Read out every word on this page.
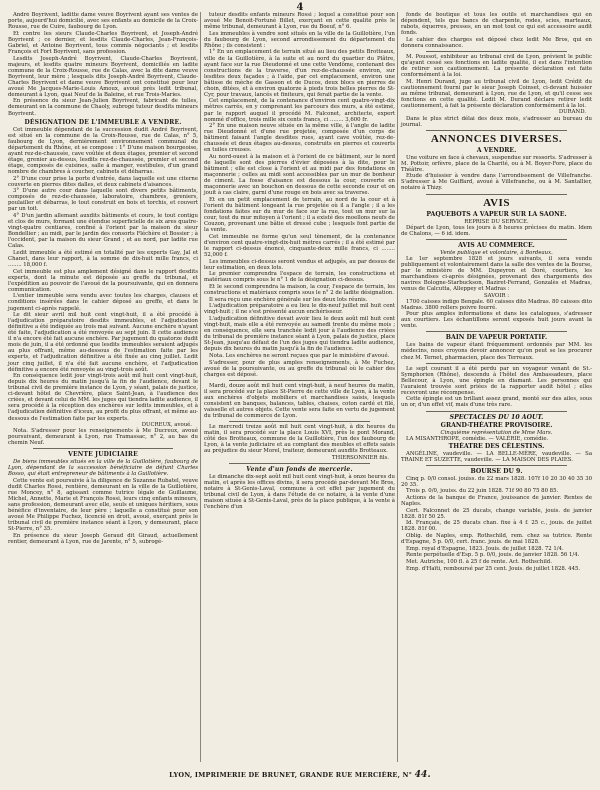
4

André Boyrivent, laditte dame veuve Boyrivent ayant ses ventes de porte, aujourd'hui domicilié, avec ses enfants au domicile de la Croix-Rousse, rue de Cuire, faubourg de Lyon.

Et contre les sieurs Claude-Charles Boyrivent, et Joseph-André Boyrivent ; ce dernier, et lesdits Claude-Charles, Jean-François-Gabriel, et Antoine Boyrivent, tous commis négociants ; et lesdits François et Fort Boyrivent, sans profession.

Lesdits Joseph-André Boyrivent, Claude-Charles Boyrivent, majeurs, et lesdits quatre mineurs Boyrivent, domiciliés en ladite commune de la Croix-Rousse, rue de Calas, avec la dite dame veuve Boyrivent, leur mère ; lesquels dits Joseph-André Boyrivent, Claude-Charles Boyrivent et dame veuve Boyrivent ont constitué pour leur avoué Me Jacques-Marie-Louis Amoux, avoué près ledit tribunal, demeurant à Lyon, quai Neuf de la Baleine, et rue Trois-Maries.

En présence du sieur Jean-Julien Boyrivent, fabricant de tulles, demeurant en la commune de Chaoly, subrogé tuteur desdits mineurs Boyrivent.

DÉSIGNATION DE L'IMMEUBLE A VENDRE.

Cet immeuble dépendant de la succession dudit André Boyrivent, est situé en la commune de la Croix-Rousse, rue de Calas, n° 5, faubourg de Lyon, dernièrement environnement communal du département du Rhône, et se compose : 1° D'une maison bourgeoise, ayant rez-de-chaussée, cave voûtée et deux étages, premier et second étage, grenier au-dessus, lesdits rez-de-chaussée, premier et second étage, composés de cuisines, salle à manger, vestibules, d'un grand nombre de chambres à coucher, cabinets et débarras.

2° D'une cour prise la porte d'entrée, dans laquelle est une citerne couverte en pierres dites dalles, et deux cabinets d'aisances.

3° D'une autre cour dans laquelle sont divers petits bâtiments, composés de rez-de-chaussée, laboratoire, chambres, greniers, poulailler et débarras, le tout construit en bois et torchis, et couvert par un toit.

4° D'un jardin allemant auxdits bâtiments et cours, le tout contigu et clos de murs, formant une étendue superficielle de six ares quatre-vingt-quatre centiares, confiné à l'orient par la maison du sieur Bondellier ; au midi, par le jardin des consorts Fléchère et Bossier ; à l'occident, par la maison du sieur Grand ; et au nord, par ladite rue Calas.

Ledit immeuble a été estimé en totalité par les experts Gay, Jal et Chanet, dans leur rapport, à la somme de dix-huit mille francs, ci ........ 18,000 f.

Cet immeuble est plus amplement désigné dans le rapport desdits experts, dont la minute est déposée au greffe du tribunal, et l'expédition au pouvoir de l'avoué de la poursuivante, qui en donnera communication.

L'entier immeuble sera vendu avec toutes les charges, clauses et conditions insérées dans le cahier déposé au greffe, et dans le jugement ci-après rappelé.

Le dit sieur avril mil huit cent vingt-huit, il a été procédé à l'adjudication préparatoire desdits immeubles, et l'adjudication définitive a été indiquée au trois mai suivant. Aucune enchère n'ayant été faite, l'adjudication a été renvoyée au sept juin. Il cette audience il n'a encore été fait aucune enchère. Par jugement du quatorze dudit mois de juin, il a été ordonné que lesdits immeubles seraient adjugés au plus offrant, même au-dessous de l'estimation faite par les experts, et l'adjudication définitive a été fixée au cinq juillet. Ledit jour cinq juillet, il n'a été fait aucune enchère, et l'adjudication définitive a encore été renvoyée au vingt-trois août.

En conséquence ledit jour vingt-trois août mil huit cent vingt-huit, depuis dix heures du matin jusqu'à la fin de l'audience, devant le tribunal civil de première instance de Lyon, y séant, palais de justice, ci-devant hôtel de Chevrière, place Saint-Jean, à l'audience des criées, et devant celui de MM. les juges qui tiendra ladite audience, il sera procédé à la réception des enchères sur ledits immeubles, et à l'adjudication définitive d'iceux, au profit du plus offrant, et même au-dessous de l'estimation faite par les experts.

DUCREUX, avoué.

Nota. S'adresser pour les renseignements à Me Ducreux, avoué poursuivant, demeurant à Lyon, rue Tramassac, n° 2, au bas du chemin Neuf.

VENTE JUDICIAIRE

De biens immeubles situés en la ville de la Guillotière, faubourg de Lyon, dépendant de la succession bénéficiaire de défunt Charles Bosso, qui était entrepreneur de bâtiments à la Guillotière.

Cette vente est poursuivie à la diligence de Suzanne Rubatel, veuve dudit Charles Rossi, rentière, demeurant en la ville de la Guillotière, rue Moncey, n° 8, agissant comme tutrice légale de Guillaume, Michel, Annette, Marie et François Rossi, leurs cinq enfants mineurs, sans profession, demeurant avec elle, seuls et uniques héritiers, sous bénéfice d'inventaire, de leur père ; laquelle a constitué pour son avoué Me Philippe Fuchez, licencié en droit, avoué, exerçant près le tribunal civil de première instance séant à Lyon, y demeurant, place St-Pierre, n° 35.

En présence du sieur Joseph Geraud dit Giraud, actuellement rentier, demeurant à Lyon, rue de Jarente, n° 5, subrogé-

tuteur desdits enfants mineurs Rossi ; lequel a constitué pour son avoué Me Benoit-Fortuné Billet, exerçant en cette qualité près le même tribunal, demeurant à Lyon, rue du Boeuf, n° 6.

Les immeubles à vendre sont situés en la ville de la Guillotière, l'un du faubourg de Lyon, second arrondissement du département du Rhône ; ils consistent :

1° En un emplacement de terrain situé au lieu des petits Brotteaux, ville de la Guillotière, à la suite et au nord du quartier du Plâtre, ayant face sur la rue Dieudonné et une cette Vendôme, contenant des constructions de la traverse, d'un rez-de-chaussée environ, sur lesdites deux façades ; à l'aide, par cet emplacement, environ une bâtisse de mèche de Gasson et de Ducos, deux blocs en pierres de choin, ditées, et à environ quatorze à pieds trois belles pierres de St-Cyr, pour travaux, lancés et finiteurs, qui ferait partie de la vente.

Cet emplacement, de la contenance d'environ cent quatre-vingt-dix mètres carrés, en y comprenant les parcours des murs, a été estimé, par le rapport auquel il procédé M. Falconet, architecte, expert nommé d'office, trois mille six cents francs, ci ........ 3,600 fr.

2° En une maison neuve située en la même ville, à l'angle de ladite rue Dieudonné et d'une rue projetée, composée d'un corps de bâtiment faisant l'angle desdites rues, ayant cave voûtée, rez-de-chaussée et deux étages au-dessus, construits en pierres et couverts en tuiles creuses.

Au nord-ouest à la maison et à l'orient de ce bâtiment, sur le nord de laquelle sont des pierres d'évier déposées à la dite, pour le bâtiment ; elle est close à l'orient et au midi par des fondations en maçonnerie ; celles au midi sont accessibles par un mur de bonheur de ciment. La fosse d'aisance est dessous la cour, couverte en maçonnerie avec un bouchon en dessous de cette seconde cour et on jouit à cas claire, garni d'une rouge en bois avec sa traverse.

Et en un petit emplacement de terrain, au nord de la cour et à l'orient du bâtiment longeant la rue projetée où il a l'angle ; il a les fondations faites sur du mur de face sur la rue, tout un mur sur la cour, tout du mur mitoyen à l'orient ; il a existé des moellons neufs de Couzon, provenant une bâtie et dressé cube ; lesquels font partie de la vente.

Cet immeuble ne forme qu'un seul tènement, de la contenance d'environ cent quatre-vingt-dix-huit mètres carrés ; il a été estimé par le rapport ci-dessus énoncé, cinquante-deux mille francs, ci ........ 52,000 f.

Les immeubles ci-dessus seront vendus et adjugés, au par dessus de leur estimation, en deux lots.

Le premier comprendra l'espace de terrain, les constructions et matériaux compris sous le n° 1 de la désignation ci-dessus.

Et le second comprendra la maison, la cour, l'espace de terrain, les constructions et matériaux compris sous le n° 2 de ladite désignation.

Il sera reçu une enchère générale sur les deux lots réunis.

L'adjudication préparatoire a eu lieu le dix-neuf juillet mil huit cent vingt-huit ; il ne s'est présenté aucun enchérisseur.

L'adjudication définitive devait avoir lieu le deux août mil huit cent vingt-huit, mais elle a été renvoyée au samedi trente du même mois ; en conséquence, elle sera tranchée ledit jour à l'audience des criées du tribunal de première instance séant à Lyon, palais de justice, place St-Jean, jusqu'au défaut de l'un des juges qui tiendra ladite audience, depuis dix heures du matin jusqu'à la fin de l'audience.

Nota. Les enchères ne seront reçues que par le ministère d'avoué.

S'adresser, pour de plus amples renseignements, à Me Fuchez, avoué de la poursuivante, ou au greffe du tribunal où le cahier des charges est déposé.

Mardi, douze août mil huit cent vingt-huit, à neuf heures du matin, il sera procédé sur la place St-Pierre de cette ville de Lyon, à la vente aux enchères d'objets mobiliers et marchandises saisis, lesquels consistent en banques, balances, tables, chaises, coton cardé et filé, vaisselle et autres objets. Cette vente sera faite en vertu de jugement du tribunal de commerce de Lyon.

Le mercredi treize août mil huit cent vingt-huit, à dix heures du matin, il sera procédé sur la place Louis XVI, près le pont Morand, côté des Brotteaux, commune de la Guillotière, l'un des faubourg de Lyon, à la vente judiciaire et au comptant des meubles et effets saisis au préjudice du sieur Morel, traiteur, demeurant auxdits Brotteaux.

THIERSONNIER fils.
Vente d'un fonds de mercerie.

Le dimanche dix-sept août mil huit cent vingt-huit, à onze heures du matin, et après les offices divins, il sera procédé par-devant Me Bros, notaire à St-Genis-Laval, commune à cet effet par jugement du tribunal civil de Lyon, à dans l'étude de ce notaire, à la vente d'une maison située à St-Genis-Laval, près de la place publique, à la vente à l'enchère d'un

fonds de boutique et tous les outils et marchandises qui en dépendent, tels que bancs de charpente, rodes, scies, marteaux, rabots, équerres, presses, en un mot tout ce qui est accessoire audit fonds.

Le cahier des charges est déposé chez ledit Me Bros, qui en donnera connaissance.

M. Poussot, exhibiteur au tribunal civil de Lyon, prévient le public qu'ayant cessé ses fonctions en ladite qualité, il est dans l'intention de retirer son cautionnement. La présente déclaration est faite conformément à la loi.

M. Henri Durand, juge au tribunal civil de Lyon, ledit Crédit du cautionnement fourni par le sieur Joseph Coinset, ci-devant huissier au même tribunal, demeurant à Lyon, rue de Lyon, et qu'il cesse ses fonctions en cette qualité. Ledit M. Durand déclare retirer ledit cautionnement, à fait la présente déclaration conformément à la loi.

DURAND.

Dans le plus strict délai des deux mois, s'adresser au bureau du journal.

ANNONCES DIVERSES.
A VENDRE.

Une voiture en face à chevaux, suspendue sur ressorts. S'adresser à M. Pottoir, orfèvre, place de la Charité, ou à M. Boyer-Fore, place du Théâtre.

Etude d'huissier à vendre dans l'arrondissement de Villefranche. S'adresser à Me Guiffard, avoué à Villefranche, ou à M. Santallier, notaire à Thizy.

AVIS
PAQUEBOTS A VAPEUR SUR LA SAONE.
REPRISE DU SERVICE.

Départ de Lyon, tous les jours à 8 heures précises du matin. Idem de Chalons, — 6 id. idem.

AVIS AU COMMERCE.
Vente publique et volontaire, à Bordeaux.

Le 1er septembre 1828 et jours suivants, il sera vendu publiquement et volontairement dans la salle des ventes de la Bourse, par le ministère de MM. Dupeyron et Doré, courtiers, les marchandises ci-après désignées, provenant des chargements des navires Bologne-Starbuckson, Baziret-Ferrand, Gonzalès et Madras, venus de Calcutta, Alleppey et Madras :

SAVOIR :

1700 caisses indigo Bengale. 60 caisses dito Madras. 80 caisses dito Madras. 3800 rollers poivre fourré.

Pour plus amples informations et dans les catalogues, s'adresser aux courtiers. Les échantillons seront exposés huit jours avant la vente.

BAIN DE VAPEUR PORTATIF.

Les bains de vapeur étant fréquemment ordonnés par MM. les médecins, nous croyons devoir annoncer qu'on peut se les procurer chez M. Ternet, pharmacien, place des Terreaux.

Le sept courant il a été perdu par un voyageur venant de St.-Symphorien (Rhône), descendu à l'hôtel des Ambassadeurs, place Bellecour, à Lyon, une épingle en diamant. Les personnes qui l'auraient trouvée sont priées de la rapporter audit hôtel ; elles recevront une récompense.

Cette épingle est un brillant assez grand, monté sur des ailes, sous un or, d'un effet vif, mais d'une très rare.

SPECTACLES DU 10 AOUT.
GRAND-THÉATRE PROVISOIRE.
Cinquième représentation de Mme Mars.

LA MISANTHROPE, comédie. — VALÉRIE, comédie.

THÉATRE DES CÉLESTINS.

ANGÉLINE, vaudeville. — LA BELLE-MÈRE, vaudeville. — Sa TRAINE ET SUZETTE, vaudeville. — LA MAISON DES PLAIES.

BOURSE DU 9.

Cinq p. 0/0 consol. jouiss. du 22 mars 1828. 107f 10 20 30 40 35 30 20 35.

Trois p. 0/0, jouiss. du 22 juin 1828. 71f 90 80 75 80 85.

Actions de la banque de France, jouissance de janvier. Rentes de Naples.

Cert. Falconnet de 25 ducats, change variable, jouis. de janvier 1828. 81f 50 25.

Id. Français, de 25 ducats chan. fixe à 4 f. 25 c., jouis. de juillet 1828. 81f 00.

Oblig. de Naples, emp. Rothschild, rem. chez sa tutrice. Rente d'Espagne, 5 p. 0/0, cert. franc. jouis. de mai 1828.

Emp. royal d'Espagne, 1823. Jouis. de juillet 1828. 72 1/4.

Rente perpétuelle d'Esp. 5 p. 0/0, jouis. de janvier 1828. 56 1/4.

Met. Autriche, 100 fl. à 25 f de rente. Act. Rothschild.

Emp. d'Haïti, remboursé par 25 cent. Jouis. de juillet 1828. 445.

LYON, IMPRIMERIE DE BRUNET, GRANDE RUE MERCIÈRE, N° 44.
